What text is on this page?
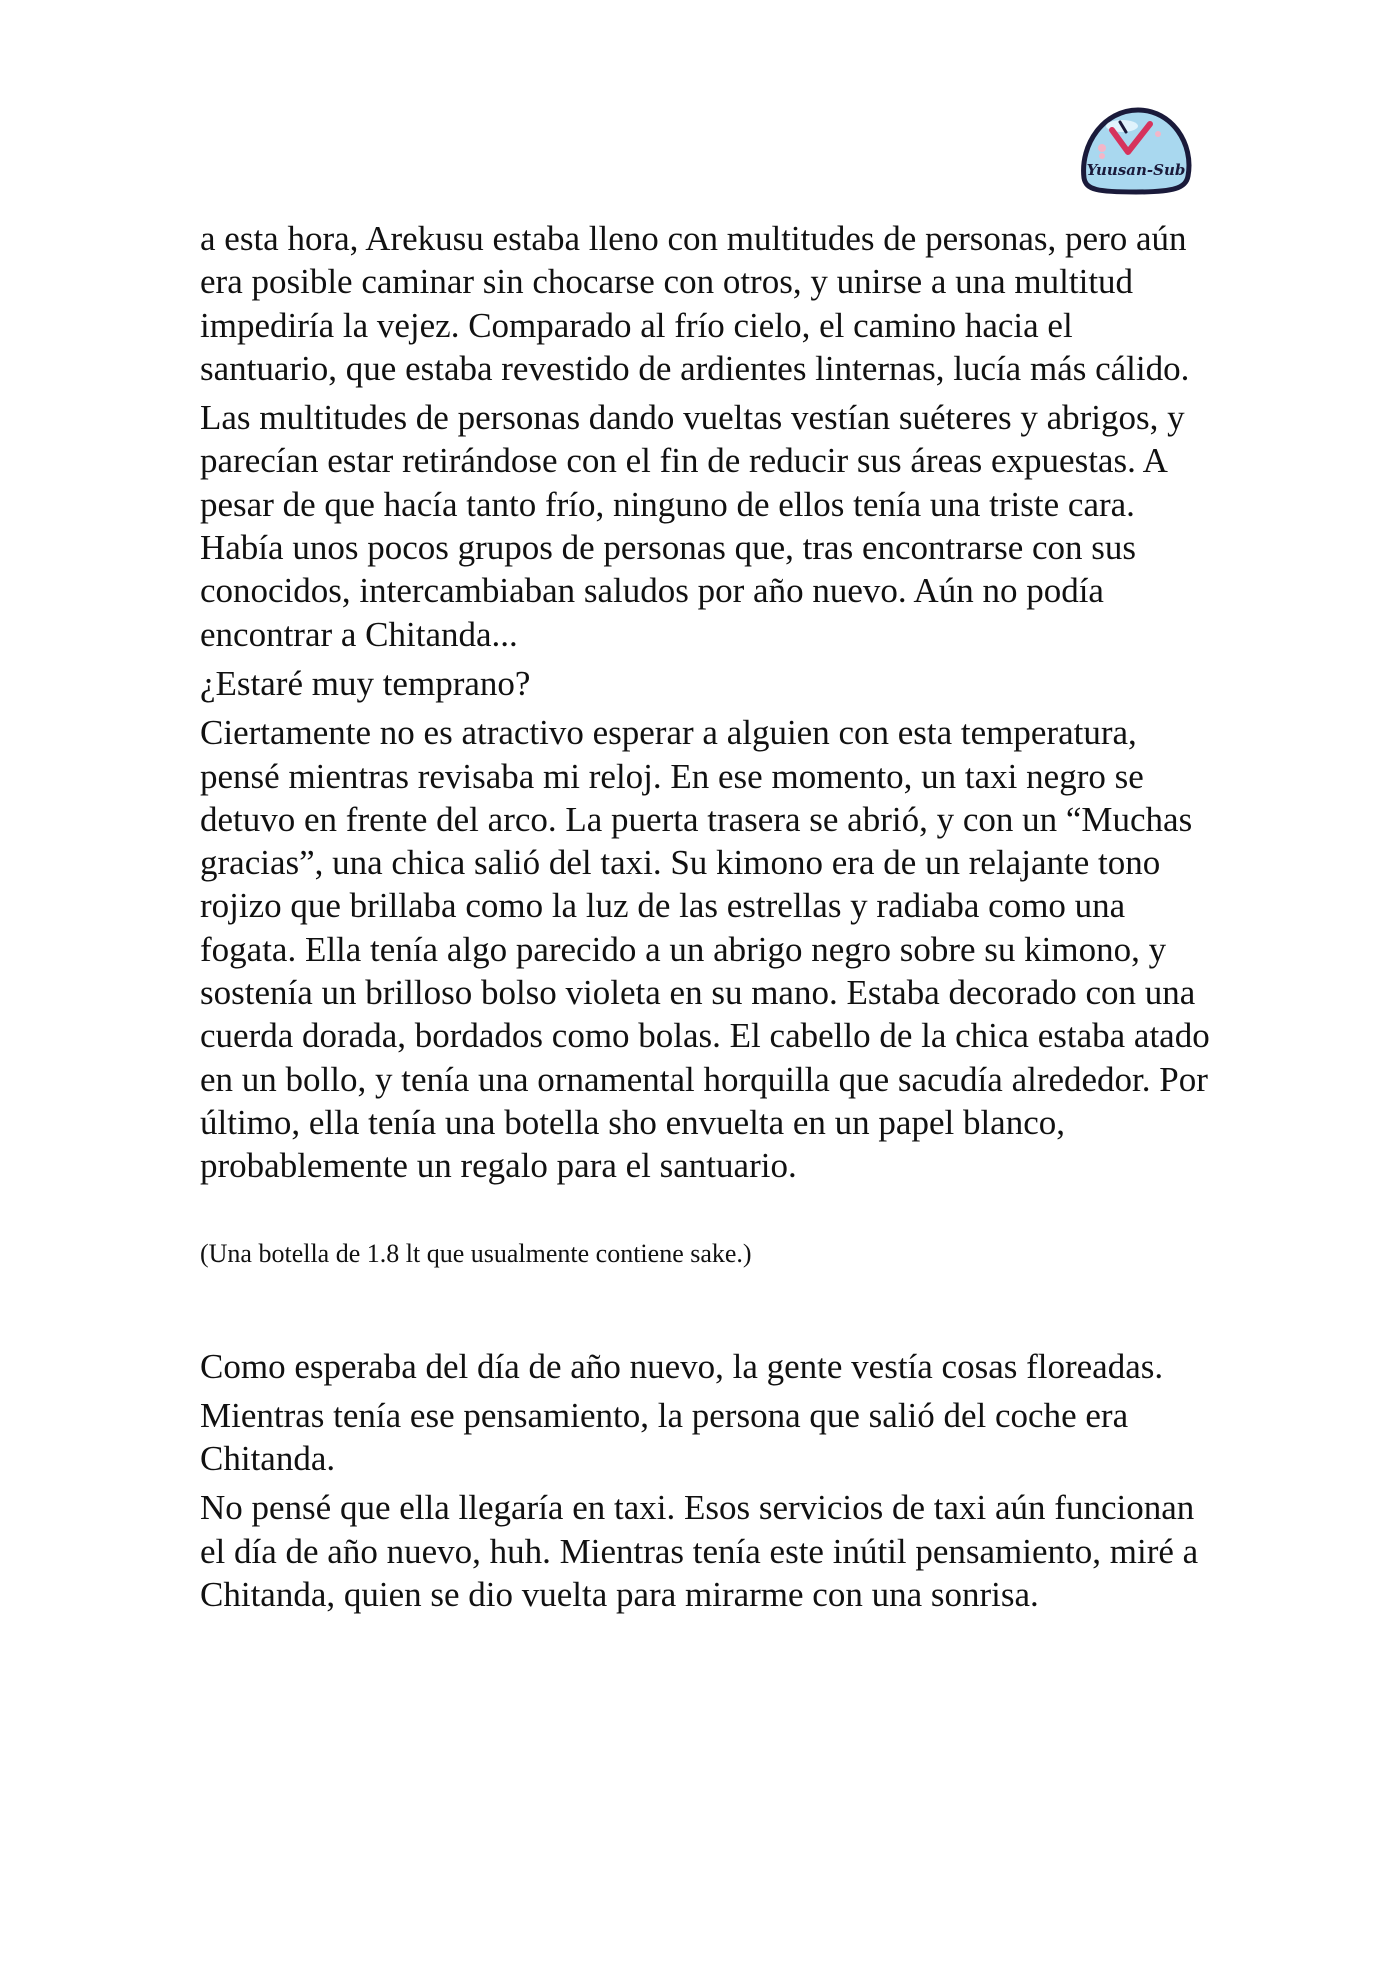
Yuusan-Sub

a esta hora, Arekusu estaba lleno con multitudes de personas, pero aún era posible caminar sin chocarse con otros, y unirse a una multitud impediría la vejez. Comparado al frío cielo, el camino hacia el santuario, que estaba revestido de ardientes linternas, lucía más cálido.

Las multitudes de personas dando vueltas vestían suéteres y abrigos, y parecían estar retirándose con el fin de reducir sus áreas expuestas. A pesar de que hacía tanto frío, ninguno de ellos tenía una triste cara. Había unos pocos grupos de personas que, tras encontrarse con sus conocidos, intercambiaban saludos por año nuevo. Aún no podía encontrar a Chitanda...

¿Estaré muy temprano?

Ciertamente no es atractivo esperar a alguien con esta temperatura, pensé mientras revisaba mi reloj. En ese momento, un taxi negro se detuvo en frente del arco. La puerta trasera se abrió, y con un “Muchas gracias”, una chica salió del taxi. Su kimono era de un relajante tono rojizo que brillaba como la luz de las estrellas y radiaba como una fogata. Ella tenía algo parecido a un abrigo negro sobre su kimono, y sostenía un brilloso bolso violeta en su mano. Estaba decorado con una cuerda dorada, bordados como bolas. El cabello de la chica estaba atado en un bollo, y tenía una ornamental horquilla que sacudía alrededor. Por último, ella tenía una botella sho envuelta en un papel blanco, probablemente un regalo para el santuario.

(Una botella de 1.8 lt que usualmente contiene sake.)

Como esperaba del día de año nuevo, la gente vestía cosas floreadas.

Mientras tenía ese pensamiento, la persona que salió del coche era Chitanda.

No pensé que ella llegaría en taxi. Esos servicios de taxi aún funcionan el día de año nuevo, huh. Mientras tenía este inútil pensamiento, miré a Chitanda, quien se dio vuelta para mirarme con una sonrisa.
